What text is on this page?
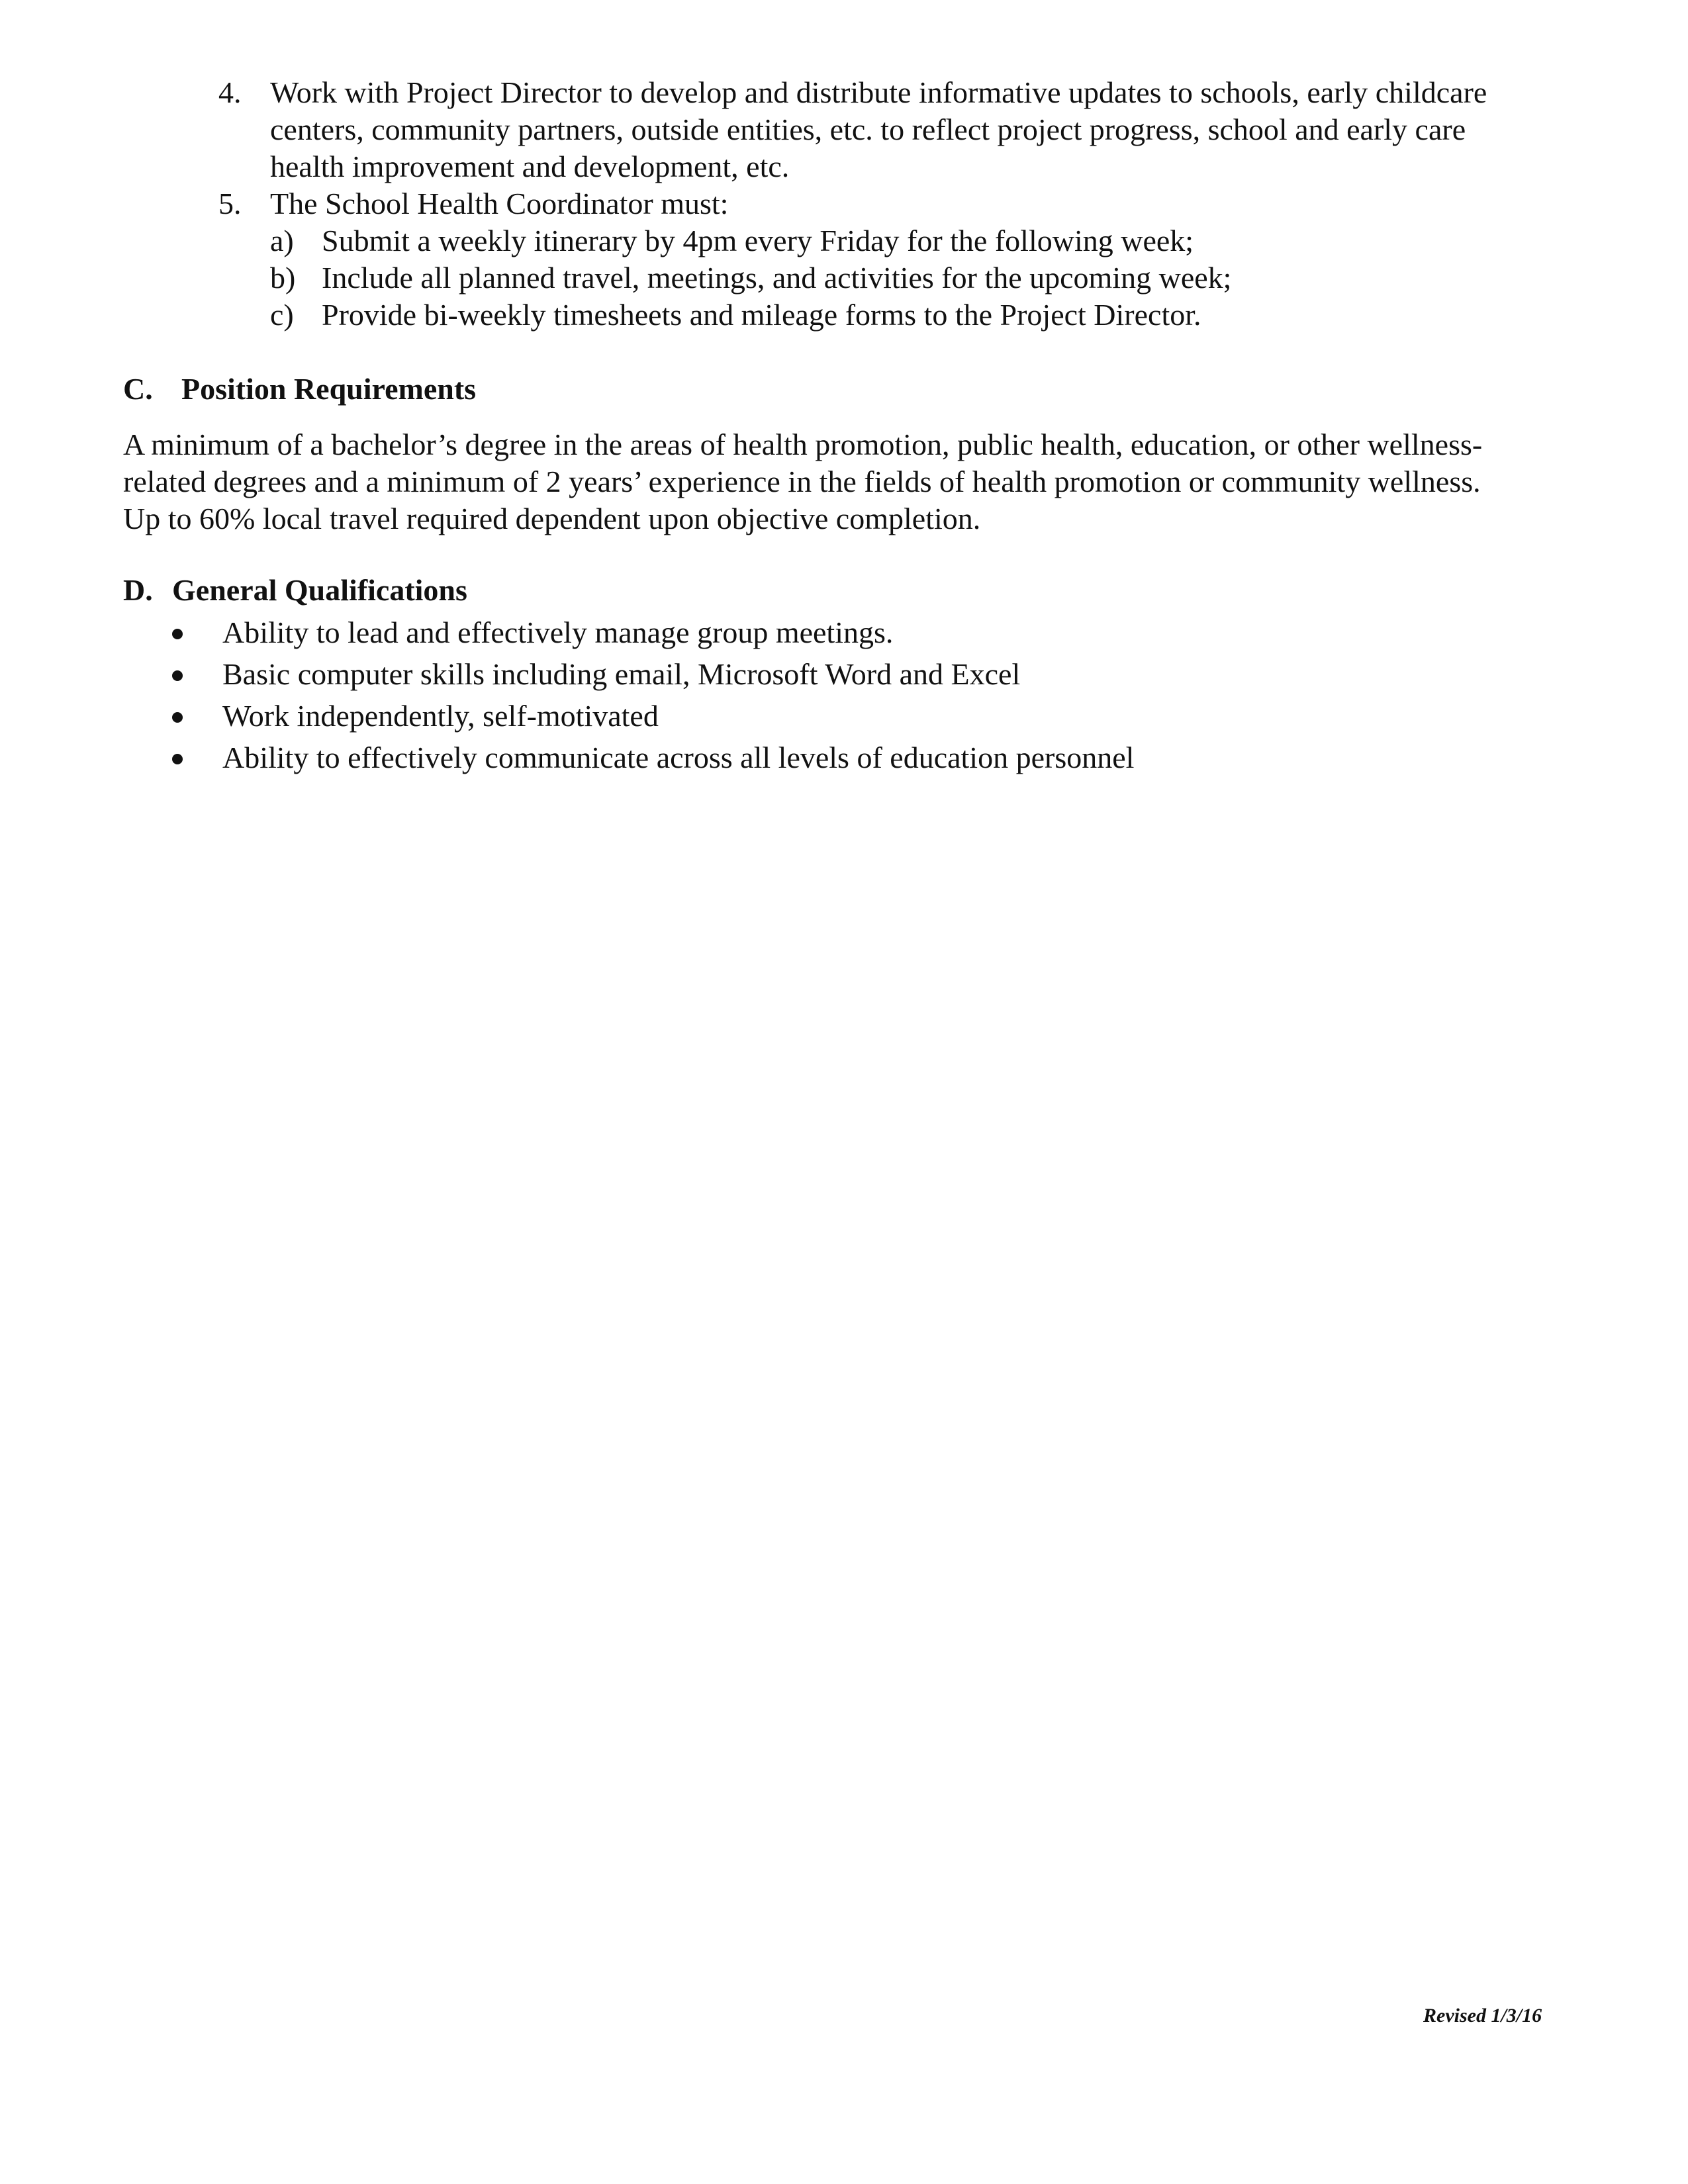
4. Work with Project Director to develop and distribute informative updates to schools, early childcare
centers, community partners, outside entities, etc. to reflect project progress, school and early care
health improvement and development, etc.
5. The School Health Coordinator must:
a) Submit a weekly itinerary by 4pm every Friday for the following week;
b) Include all planned travel, meetings, and activities for the upcoming week;
c) Provide bi-weekly timesheets and mileage forms to the Project Director.
C. Position Requirements
A minimum of a bachelor’s degree in the areas of health promotion, public health, education, or other wellness-
related degrees and a minimum of 2 years’ experience in the fields of health promotion or community wellness.
Up to 60% local travel required dependent upon objective completion.
D. General Qualifications
Ability to lead and effectively manage group meetings.
Basic computer skills including email, Microsoft Word and Excel
Work independently, self-motivated
Ability to effectively communicate across all levels of education personnel
Revised 1/3/16
